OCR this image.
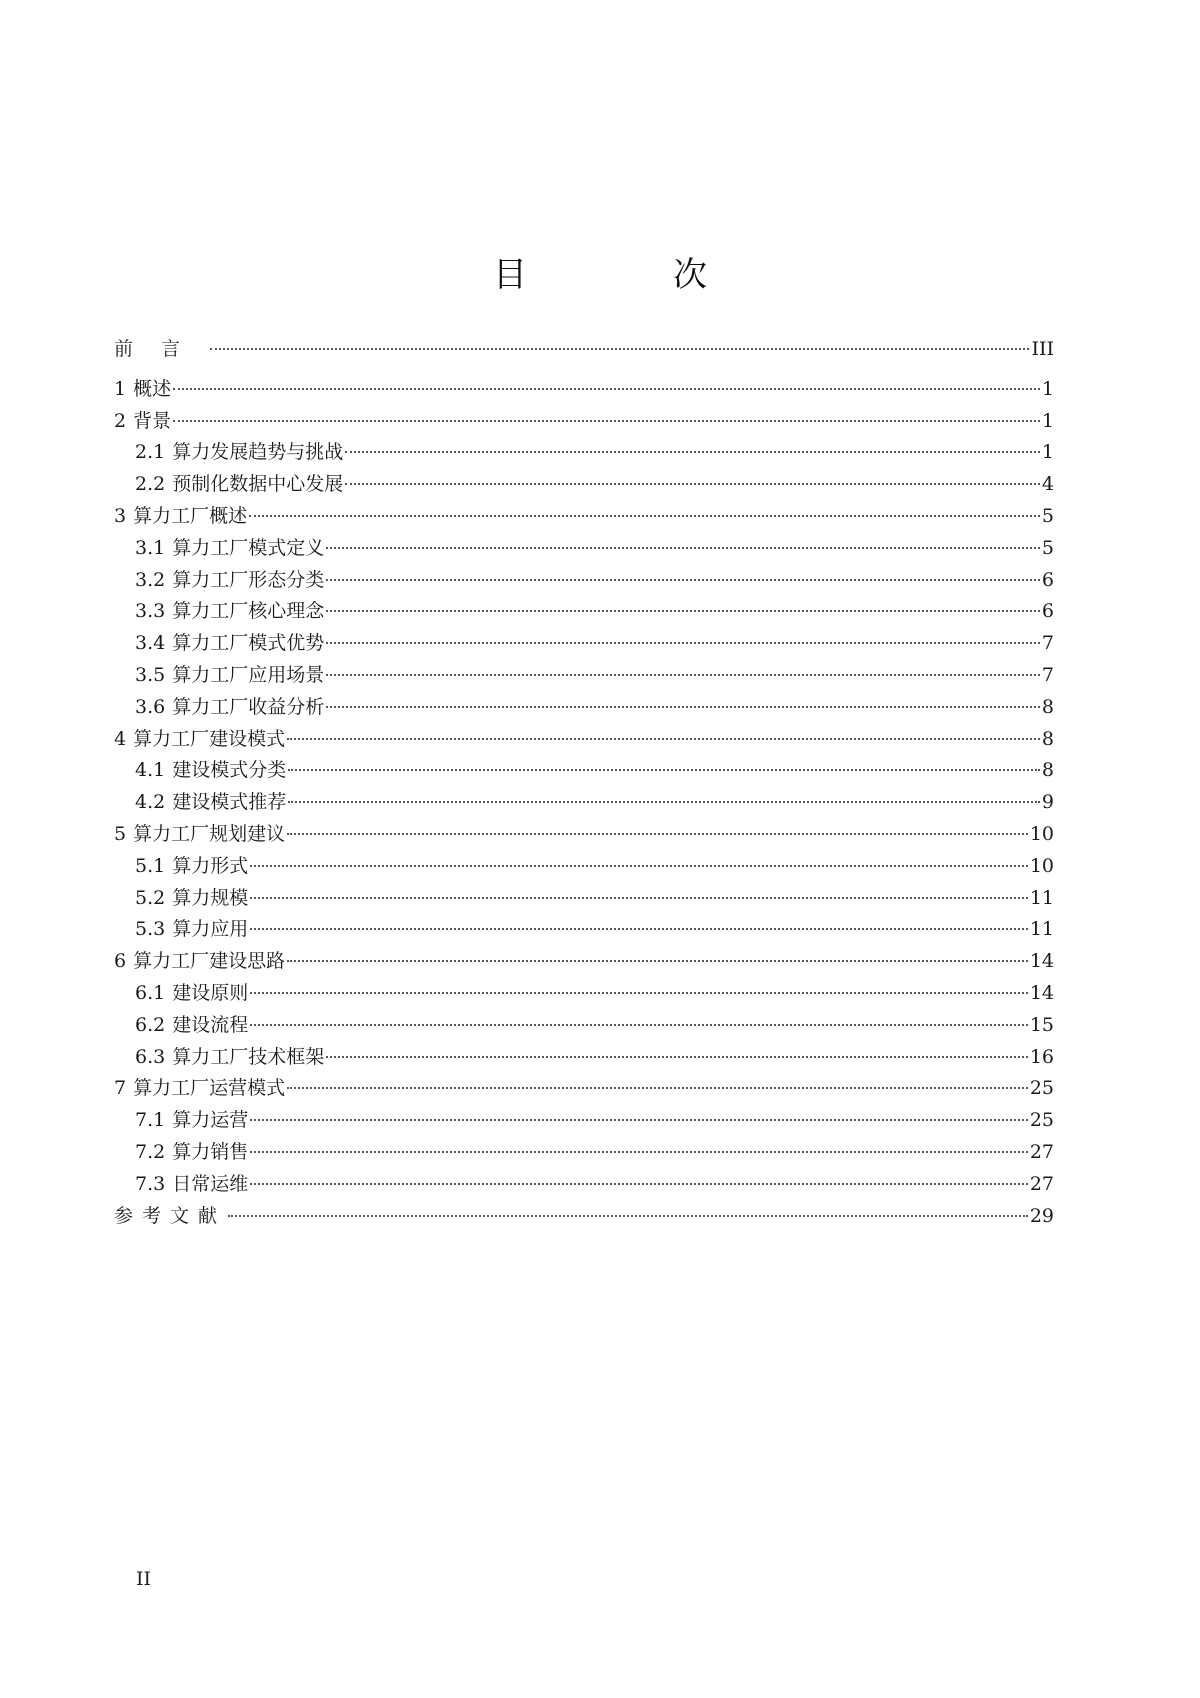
目　次
前言	III
1 概述	1
2 背景	1
2.1 算力发展趋势与挑战	1
2.2 预制化数据中心发展	4
3 算力工厂概述	5
3.1 算力工厂模式定义	5
3.2 算力工厂形态分类	6
3.3 算力工厂核心理念	6
3.4 算力工厂模式优势	7
3.5 算力工厂应用场景	7
3.6 算力工厂收益分析	8
4 算力工厂建设模式	8
4.1 建设模式分类	8
4.2 建设模式推荐	9
5 算力工厂规划建议	10
5.1 算力形式	10
5.2 算力规模	11
5.3 算力应用	11
6 算力工厂建设思路	14
6.1 建设原则	14
6.2 建设流程	15
6.3 算力工厂技术框架	16
7 算力工厂运营模式	25
7.1 算力运营	25
7.2 算力销售	27
7.3 日常运维	27
参考文献	29
II
